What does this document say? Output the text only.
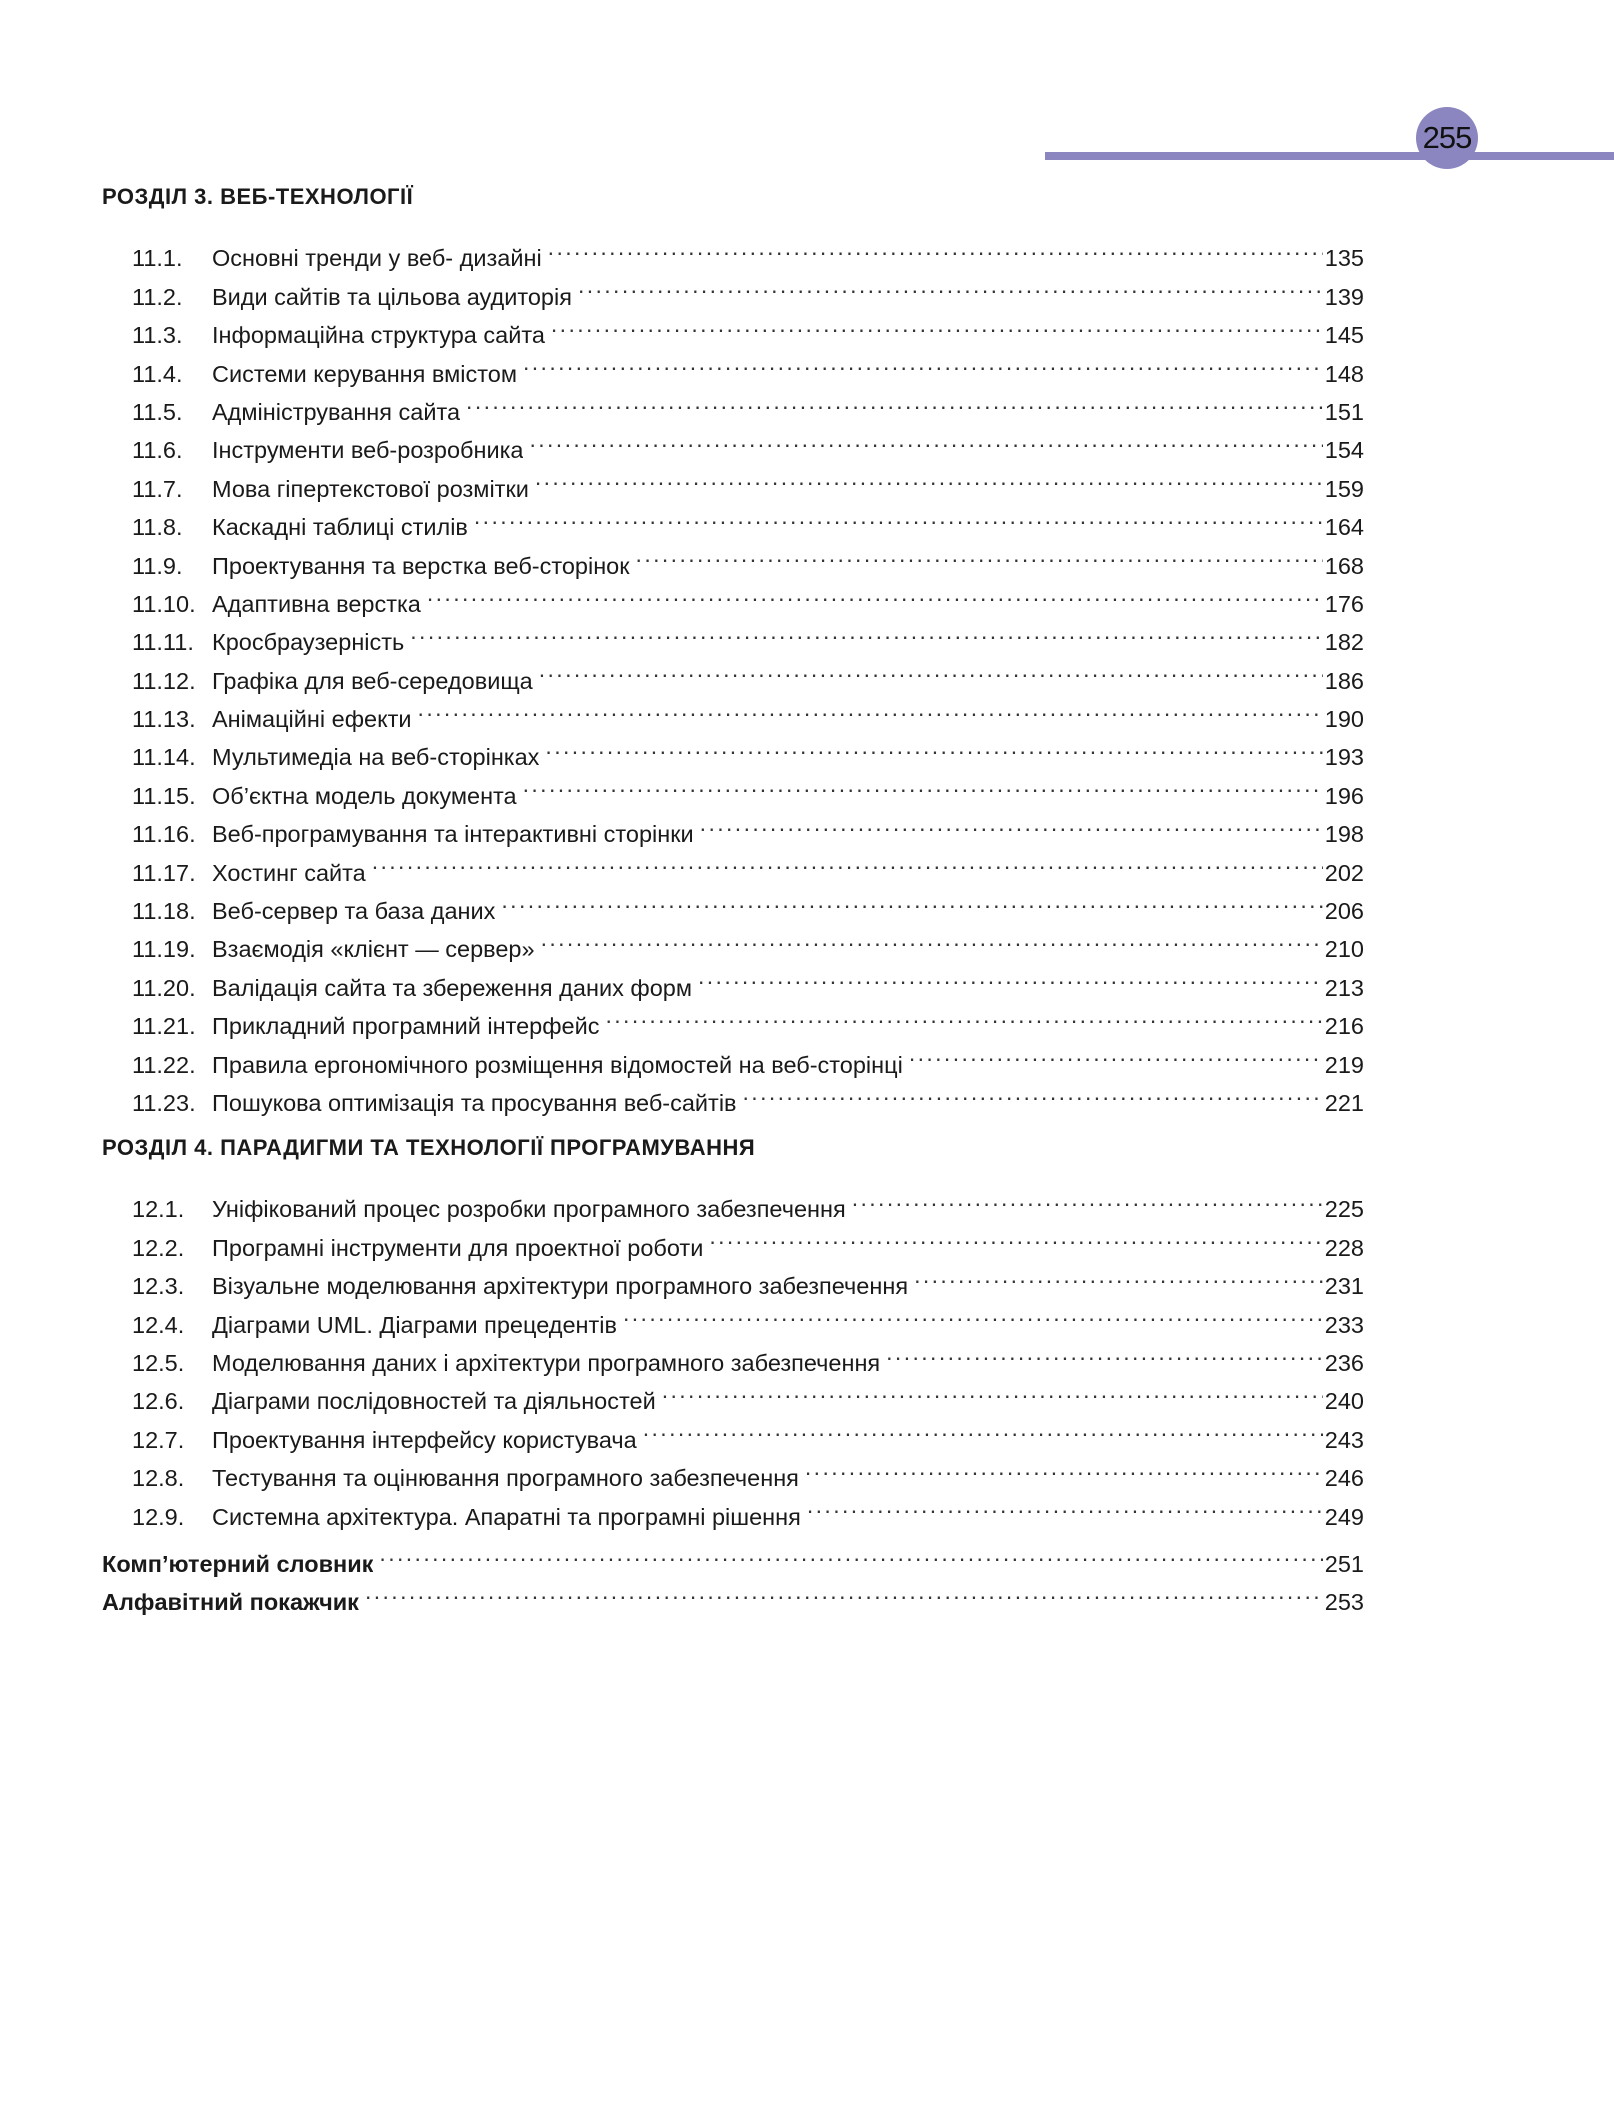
255
РОЗДІЛ 3. ВЕБ-ТЕХНОЛОГІЇ
11.1.	Основні тренди у веб- дизайні . . .	135
11.2.	Види сайтів та цільова аудиторія . . .	139
11.3.	Інформаційна структура сайта . . .	145
11.4.	Системи керування вмістом . . .	148
11.5.	Адміністрування сайта . . .	151
11.6.	Інструменти веб-розробника . . .	154
11.7.	Мова гіпертекстової розмітки . . .	159
11.8.	Каскадні таблиці стилів . . .	164
11.9.	Проектування та верстка веб-сторінок . . .	168
11.10. Адаптивна верстка . . .	176
11.11. Кросбраузерність . . .	182
11.12. Графіка для веб-середовища . . .	186
11.13. Анімаційні ефекти . . .	190
11.14. Мультимедіа на веб-сторінках . . .	193
11.15. Об’єктна модель документа . . .	196
11.16. Веб-програмування та інтерактивні сторінки . . .	198
11.17. Хостинг сайта . . .	202
11.18. Веб-сервер та база даних . . .	206
11.19. Взаємодія «клієнт — сервер» . . .	210
11.20. Валідація сайта та збереження даних форм . . .	213
11.21. Прикладний програмний інтерфейс . . .	216
11.22. Правила ергономічного розміщення відомостей на веб-сторінці . . .	219
11.23. Пошукова оптимізація та просування веб-сайтів . . .	221
РОЗДІЛ 4. ПАРАДИГМИ ТА ТЕХНОЛОГІЇ ПРОГРАМУВАННЯ
12.1.	Уніфікований процес розробки програмного забезпечення . . .	225
12.2.	Програмні інструменти для проектної роботи . . .	228
12.3.	Візуальне моделювання архітектури програмного забезпечення . . .	231
12.4.	Діаграми UML. Діаграми прецедентів . . .	233
12.5.	Моделювання даних і архітектури програмного забезпечення . . .	236
12.6.	Діаграми послідовностей та діяльностей . . .	240
12.7.	Проектування інтерфейсу користувача . . .	243
12.8.	Тестування та оцінювання програмного забезпечення . . .	246
12.9.	Системна архітектура. Апаратні та програмні рішення . . .	249
Комп’ютерний словник . . .	251
Алфавітний покажчик . . .	253
